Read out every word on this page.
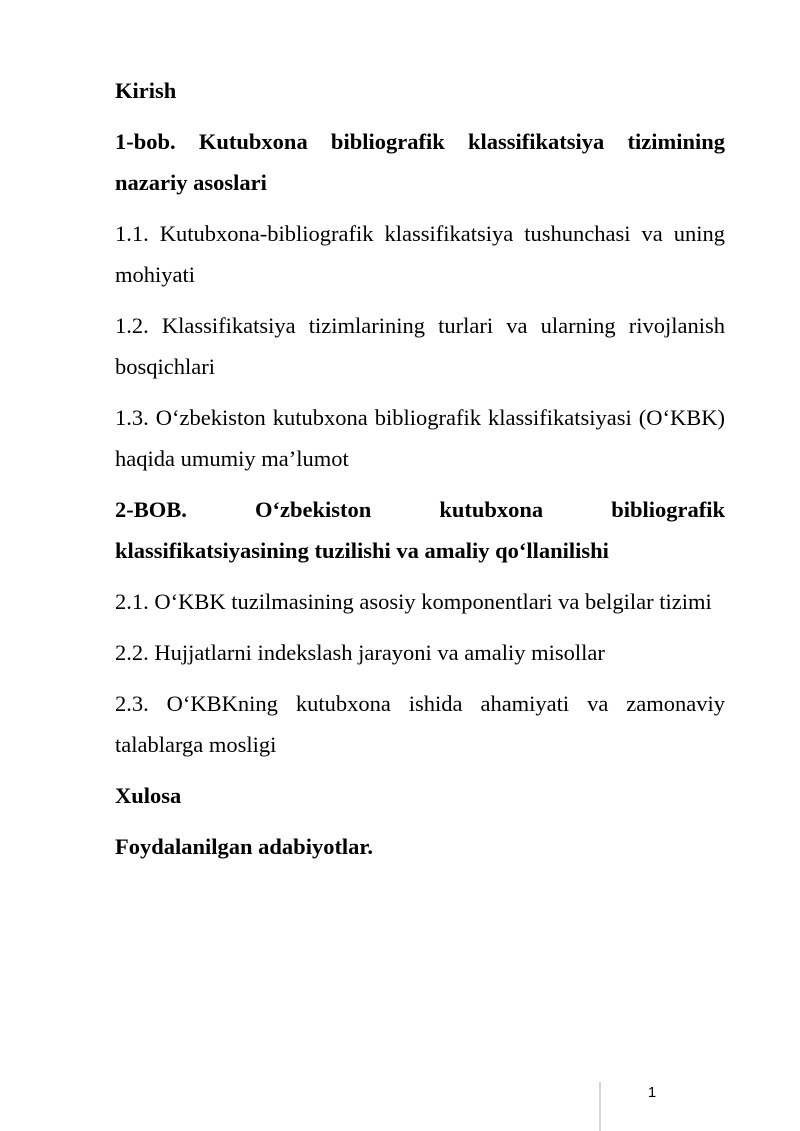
Kirish

1-bob. Kutubxona bibliografik klassifikatsiya tizimining nazariy asoslari

1.1. Kutubxona-bibliografik klassifikatsiya tushunchasi va uning mohiyati

1.2. Klassifikatsiya tizimlarining turlari va ularning rivojlanish bosqichlari

1.3. O‘zbekiston kutubxona bibliografik klassifikatsiyasi (O‘KBK) haqida umumiy ma’lumot

2-BOB. O‘zbekiston kutubxona bibliografik klassifikatsiyasining tuzilishi va amaliy qo‘llanilishi

2.1. O‘KBK tuzilmasining asosiy komponentlari va belgilar tizimi

2.2. Hujjatlarni indekslash jarayoni va amaliy misollar

2.3. O‘KBKning kutubxona ishida ahamiyati va zamonaviy talablarga mosligi

Xulosa

Foydalanilgan adabiyotlar.

1
